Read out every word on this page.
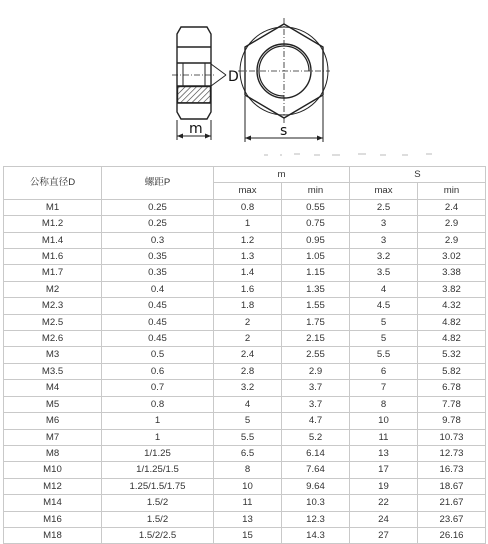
D
m	s
公称直径D	螺距P	m		S	
		max	min	max	min
M1	0.25	0.8	0.55	2.5	2.4
M1.2	0.25	1	0.75	3	2.9
M1.4	0.3	1.2	0.95	3	2.9
M1.6	0.35	1.3	1.05	3.2	3.02
M1.7	0.35	1.4	1.15	3.5	3.38
M2	0.4	1.6	1.35	4	3.82
M2.3	0.45	1.8	1.55	4.5	4.32
M2.5	0.45	2	1.75	5	4.82
M2.6	0.45	2	2.15	5	4.82
M3	0.5	2.4	2.55	5.5	5.32
M3.5	0.6	2.8	2.9	6	5.82
M4	0.7	3.2	3.7	7	6.78
M5	0.8	4	3.7	8	7.78
M6	1	5	4.7	10	9.78
M7	1	5.5	5.2	11	10.73
M8	1/1.25	6.5	6.14	13	12.73
M10	1/1.25/1.5	8	7.64	17	16.73
M12	1.25/1.5/1.75	10	9.64	19	18.67
M14	1.5/2	11	10.3	22	21.67
M16	1.5/2	13	12.3	24	23.67
M18	1.5/2/2.5	15	14.3	27	26.16
